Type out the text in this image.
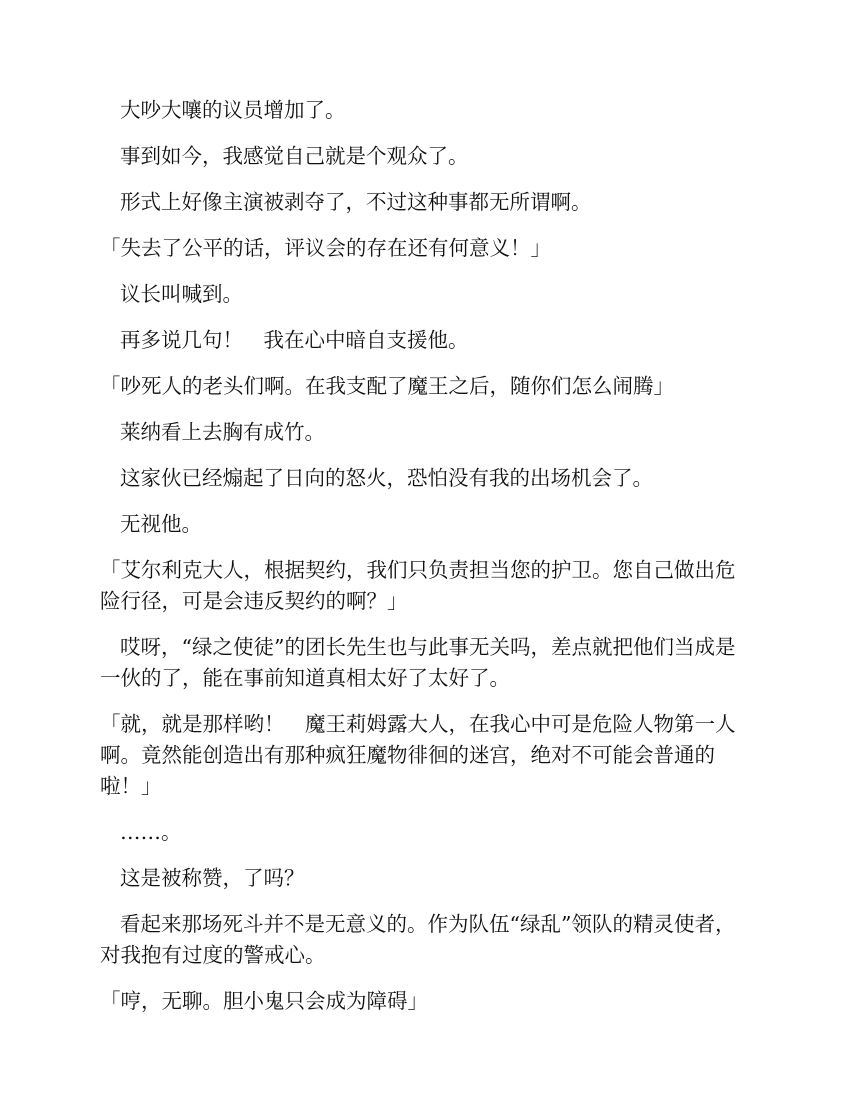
大吵大嚷的议员增加了。

事到如今，我感觉自己就是个观众了。

形式上好像主演被剥夺了，不过这种事都无所谓啊。

「失去了公平的话，评议会的存在还有何意义！」

议长叫喊到。

再多说几句！　我在心中暗自支援他。

「吵死人的老头们啊。在我支配了魔王之后，随你们怎么闹腾」

莱纳看上去胸有成竹。

这家伙已经煽起了日向的怒火，恐怕没有我的出场机会了。

无视他。

「艾尔利克大人，根据契约，我们只负责担当您的护卫。您自己做出危险行径，可是会违反契约的啊？」

哎呀，“绿之使徒”的团长先生也与此事无关吗，差点就把他们当成是一伙的了，能在事前知道真相太好了太好了。

「就，就是那样哟！　魔王莉姆露大人，在我心中可是危险人物第一人啊。竟然能创造出有那种疯狂魔物徘徊的迷宫，绝对不可能会普通的啦！」

……。

这是被称赞，了吗？

看起来那场死斗并不是无意义的。作为队伍“绿乱”领队的精灵使者，对我抱有过度的警戒心。

「哼，无聊。胆小鬼只会成为障碍」
